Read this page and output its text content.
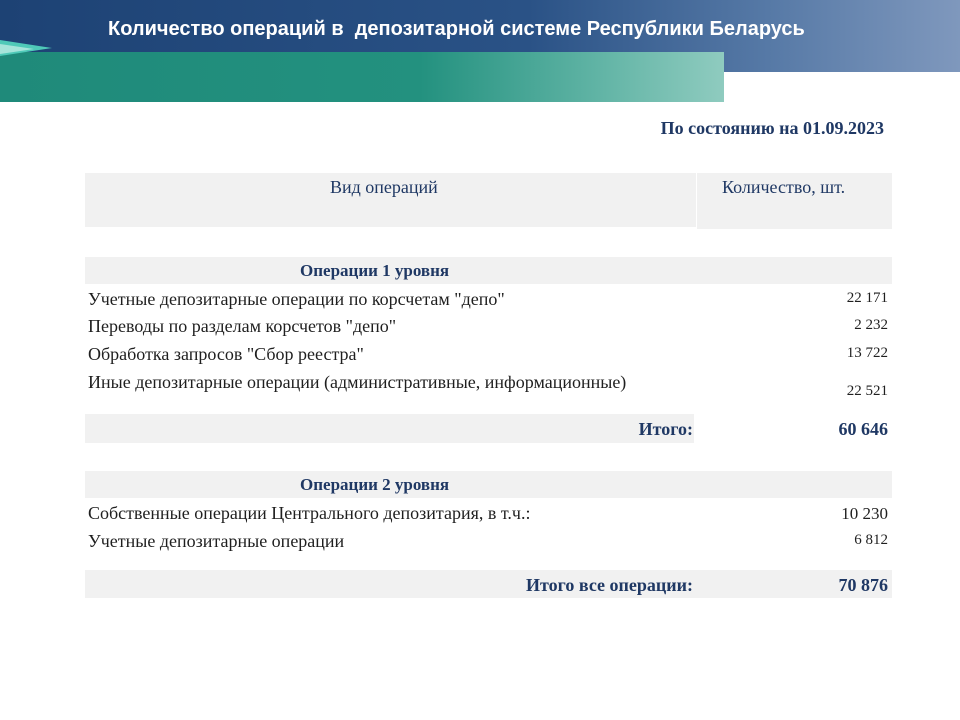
Количество операций в  депозитарной системе Республики Беларусь
По состоянию на 01.09.2023
Вид операций	Количество, шт.
Операции 1 уровня
Учетные депозитарные операции по корсчетам "депо"	22 171
Переводы по разделам корсчетов "депо"	2 232
Обработка запросов "Сбор реестра"	13 722
Иные депозитарные операции (административные, информационные)	22 521
Итого:	60 646
Операции 2 уровня
Собственные операции Центрального депозитария, в т.ч.:	10 230
Учетные депозитарные операции	6 812
Итого все операции:	70 876
